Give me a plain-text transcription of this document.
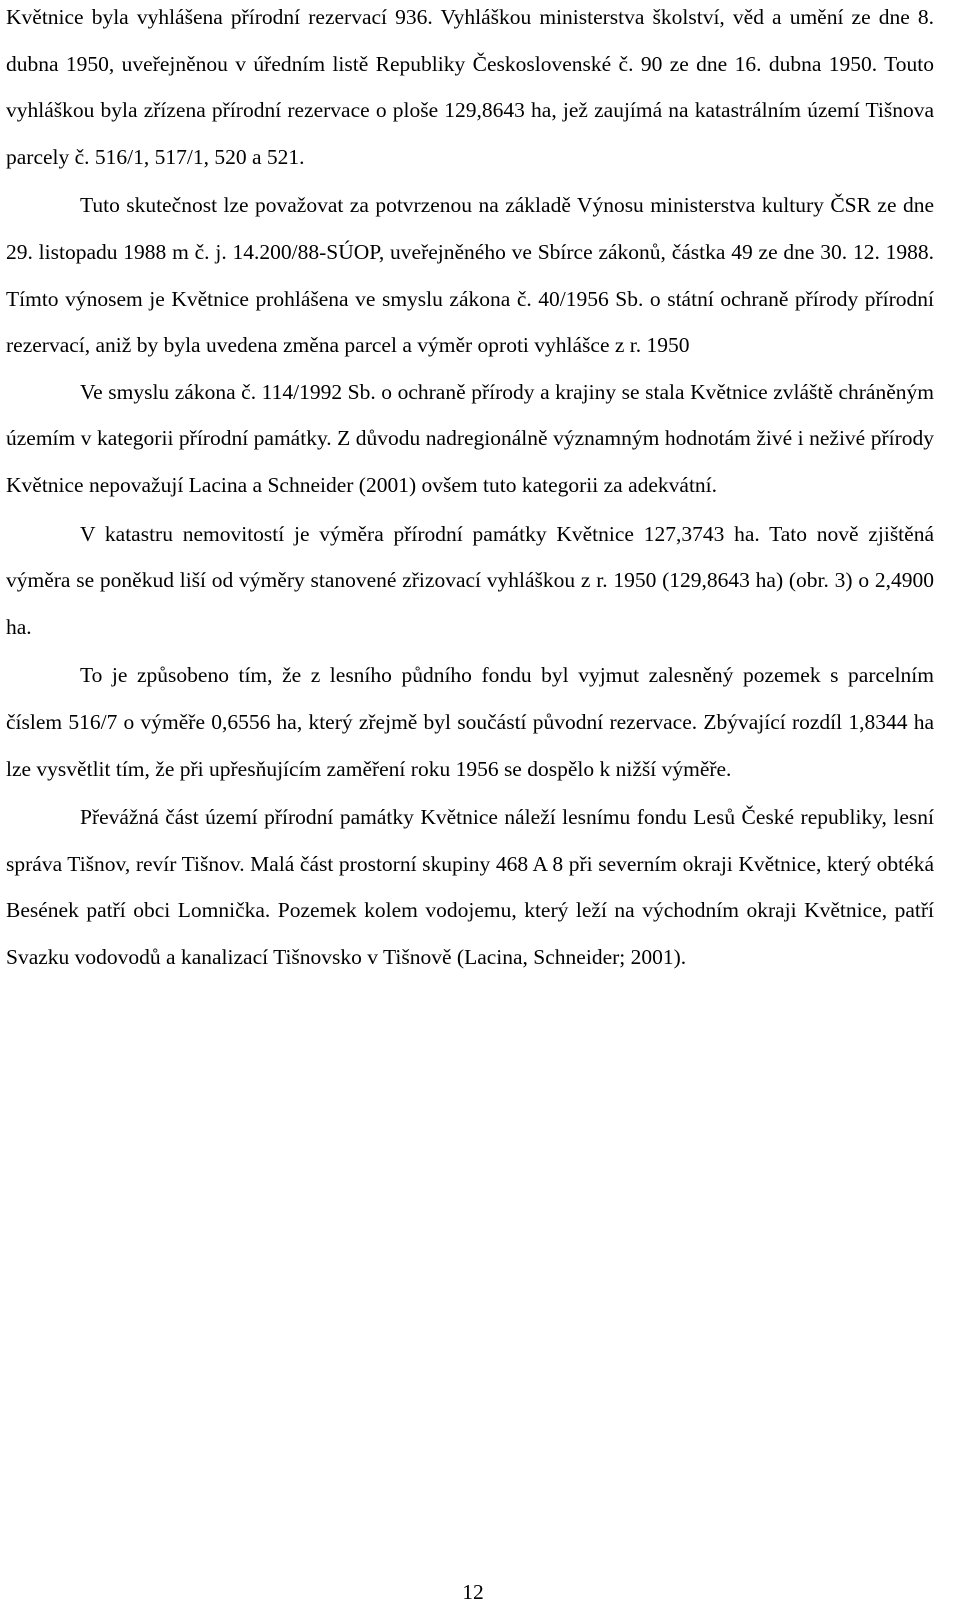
Květnice byla vyhlášena přírodní rezervací 936. Vyhláškou ministerstva školství, věd a umění ze dne 8. dubna 1950, uveřejněnou v úředním listě Republiky Československé č. 90 ze dne 16. dubna 1950. Touto vyhláškou byla zřízena přírodní rezervace o ploše 129,8643 ha, jež zaujímá na katastrálním území Tišnova parcely č. 516/1, 517/1, 520 a 521.

Tuto skutečnost lze považovat za potvrzenou na základě Výnosu ministerstva kultury ČSR ze dne 29. listopadu 1988 m č. j. 14.200/88-SÚOP, uveřejněného ve Sbírce zákonů, částka 49 ze dne 30. 12. 1988. Tímto výnosem je Květnice prohlášena ve smyslu zákona č. 40/1956 Sb. o státní ochraně přírody přírodní rezervací, aniž by byla uvedena změna parcel a výměr oproti vyhlášce z r. 1950

Ve smyslu zákona č. 114/1992 Sb. o ochraně přírody a krajiny se stala Květnice zvláště chráněným územím v kategorii přírodní památky. Z důvodu nadregionálně významným hodnotám živé i neživé přírody Květnice nepovažují Lacina a Schneider (2001) ovšem tuto kategorii za adekvátní.

V katastru nemovitostí je výměra přírodní památky Květnice 127,3743 ha. Tato nově zjištěná výměra se poněkud liší od výměry stanovené zřizovací vyhláškou z r. 1950 (129,8643 ha) (obr. 3) o 2,4900 ha.

To je způsobeno tím, že z lesního půdního fondu byl vyjmut zalesněný pozemek s parcelním číslem 516/7 o výměře 0,6556 ha, který zřejmě byl součástí původní rezervace. Zbývající rozdíl 1,8344 ha lze vysvětlit tím, že při upřesňujícím zaměření roku 1956 se dospělo k nižší výměře.

Převážná část území přírodní památky Květnice náleží lesnímu fondu Lesů České republiky, lesní správa Tišnov, revír Tišnov. Malá část prostorní skupiny 468 A 8 při severním okraji Květnice, který obtéká Besének patří obci Lomnička. Pozemek kolem vodojemu, který leží na východním okraji Květnice, patří Svazku vodovodů a kanalizací Tišnovsko v Tišnově (Lacina, Schneider; 2001).

12
